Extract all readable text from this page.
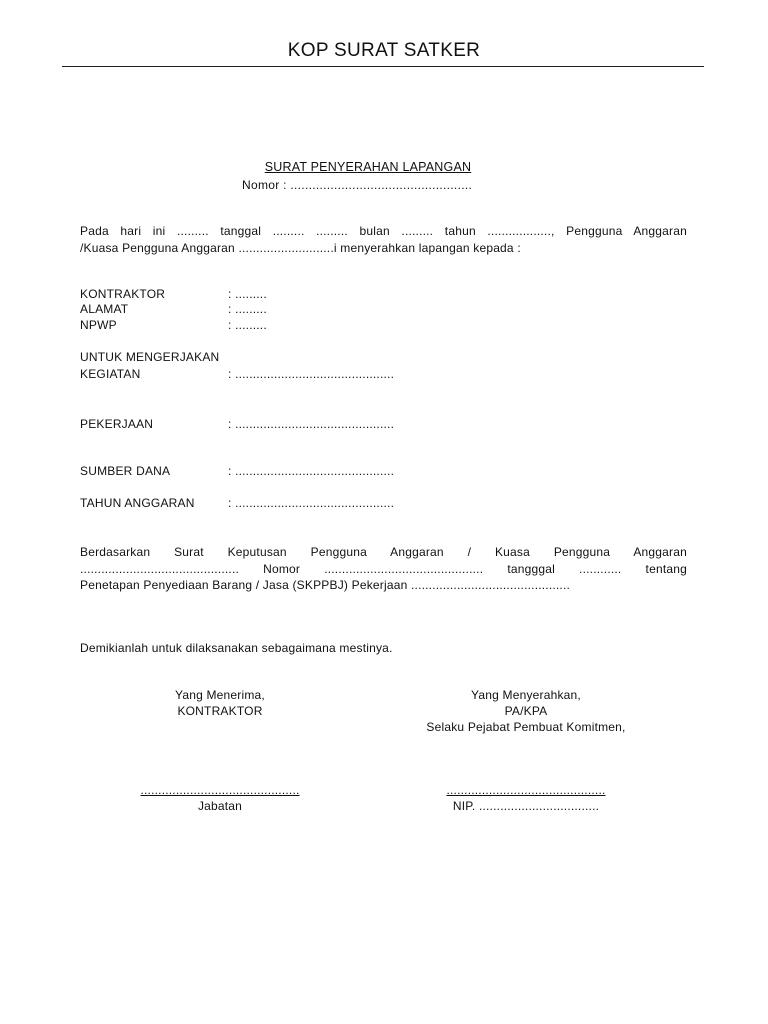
KOP SURAT SATKER
SURAT PENYERAHAN LAPANGAN
Nomor : ..................................................
Pada hari ini ......... tanggal ......... ......... bulan ......... tahun .................., Pengguna Anggaran
/Kuasa Pengguna Anggaran ...........................i menyerahkan lapangan kepada :
KONTRAKTOR	: .........
ALAMAT	: .........
NPWP	: .........
UNTUK MENGERJAKAN
KEGIATAN	: .............................................
PEKERJAAN	: .............................................
SUMBER DANA	: .............................................
TAHUN ANGGARAN	: .............................................
Berdasarkan Surat Keputusan Pengguna Anggaran / Kuasa Pengguna Anggaran
............................................. Nomor ............................................. tangggal ............ tentang
Penetapan Penyediaan Barang / Jasa (SKPPBJ) Pekerjaan .............................................
Demikianlah untuk dilaksanakan sebagaimana mestinya.
Yang Menerima,
KONTRAKTOR
.............................................
Jabatan
Yang Menyerahkan,
PA/KPA
Selaku Pejabat Pembuat Komitmen,
.............................................
NIP. ..................................
